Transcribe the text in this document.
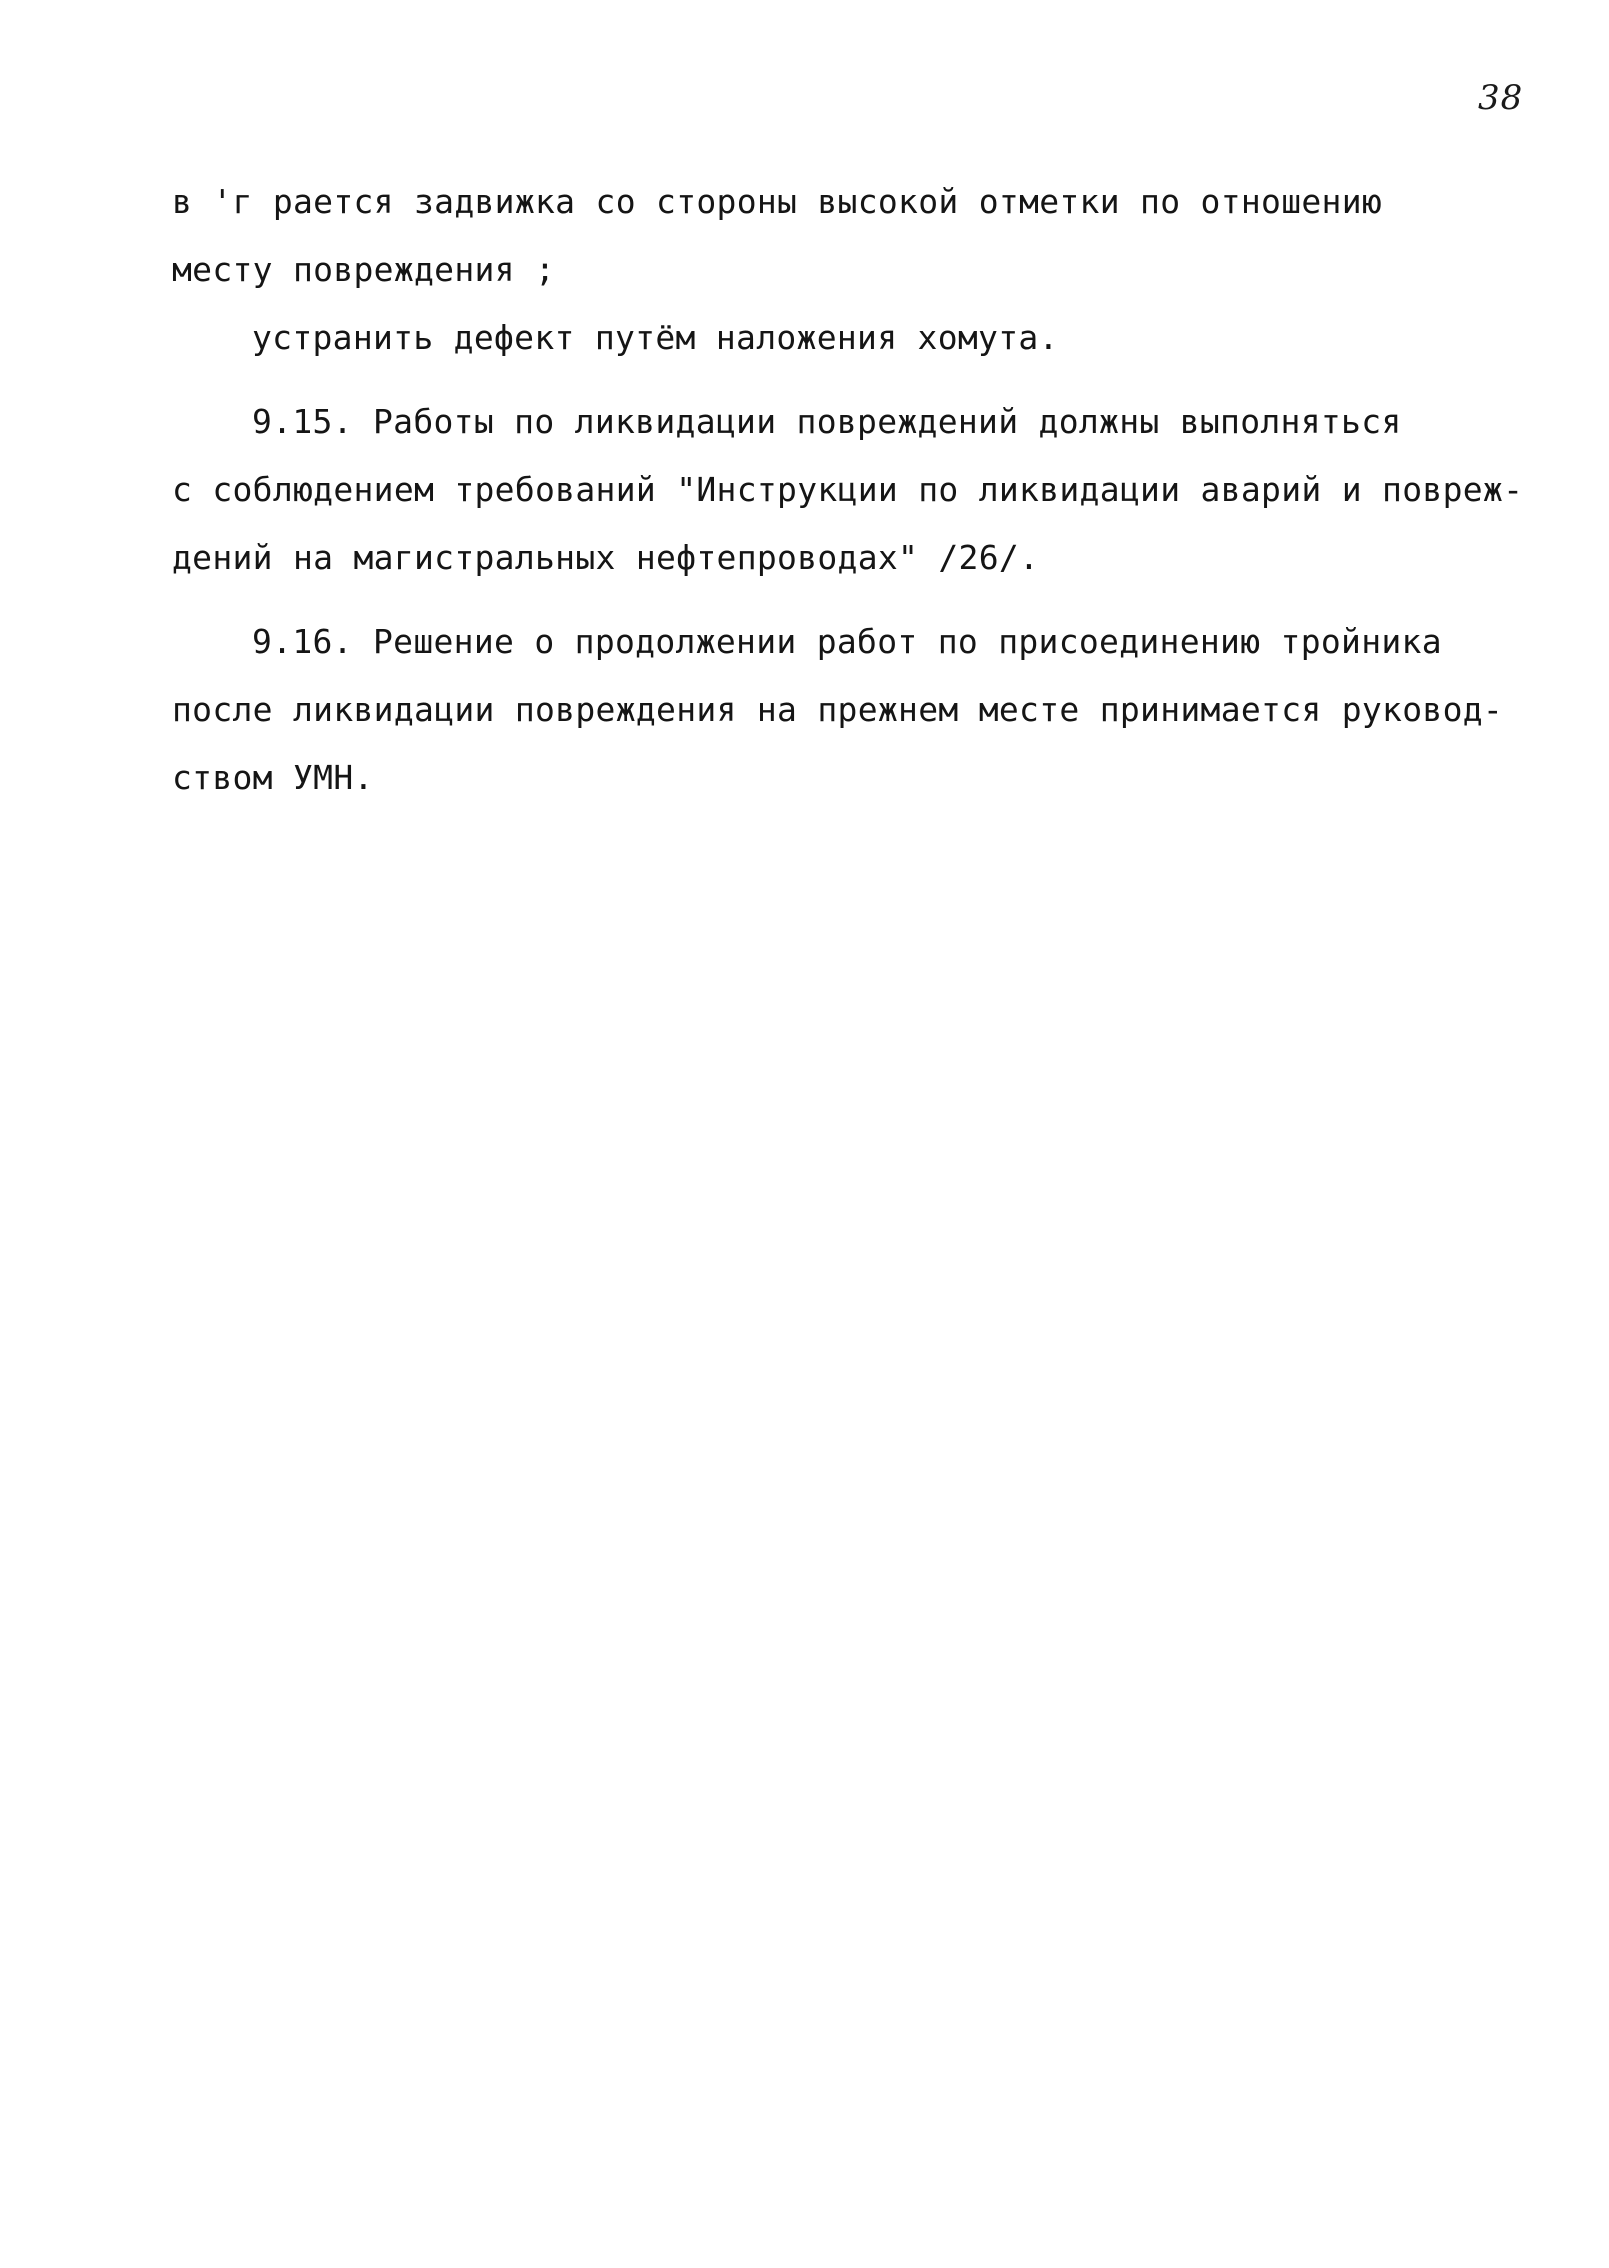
38
в 'г рается задвижка со стороны высокой отметки по отношению
месту повреждения ;
устранить дефект путём наложения хомута.
9.15. Работы по ликвидации повреждений должны выполняться
с соблюдением требований "Инструкции по ликвидации аварий и повреж-
дений на магистральных нефтепроводах" /26/.
9.16. Решение о продолжении работ по присоединению тройника
после ликвидации повреждения на прежнем месте принимается руковод-
ством УМН.
